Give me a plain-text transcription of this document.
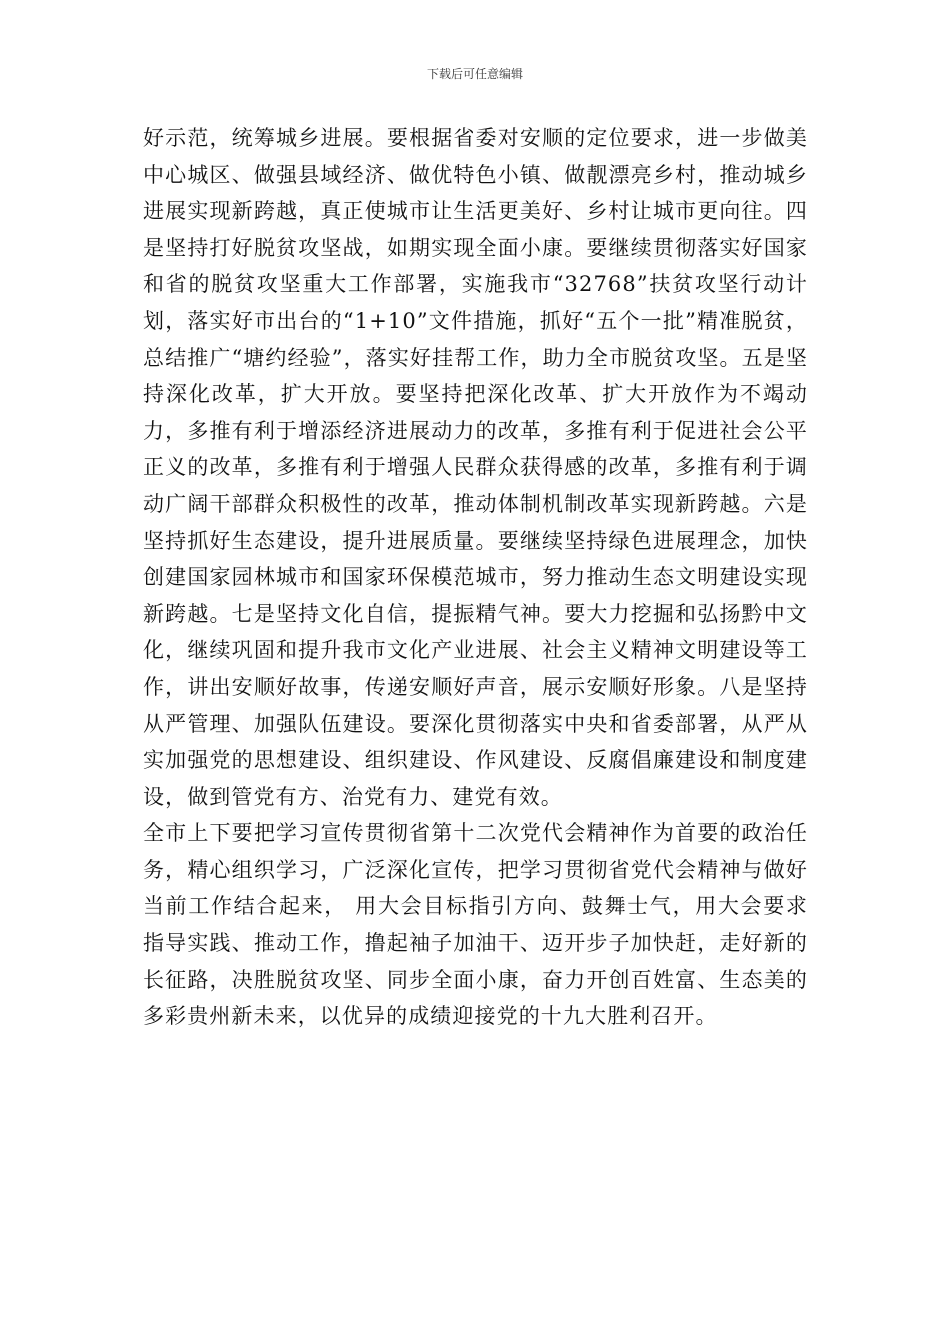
下载后可任意编辑

好示范，统筹城乡进展。要根据省委对安顺的定位要求，进一步做美中心城区、做强县域经济、做优特色小镇、做靓漂亮乡村，推动城乡进展实现新跨越，真正使城市让生活更美好、乡村让城市更向往。四是坚持打好脱贫攻坚战，如期实现全面小康。要继续贯彻落实好国家和省的脱贫攻坚重大工作部署，实施我市“32768”扶贫攻坚行动计划，落实好市出台的“1+10”文件措施，抓好“五个一批”精准脱贫，总结推广“塘约经验”，落实好挂帮工作，助力全市脱贫攻坚。五是坚持深化改革，扩大开放。要坚持把深化改革、扩大开放作为不竭动力，多推有利于增添经济进展动力的改革，多推有利于促进社会公平正义的改革，多推有利于增强人民群众获得感的改革，多推有利于调动广阔干部群众积极性的改革，推动体制机制改革实现新跨越。六是坚持抓好生态建设，提升进展质量。要继续坚持绿色进展理念，加快创建国家园林城市和国家环保模范城市，努力推动生态文明建设实现新跨越。七是坚持文化自信，提振精气神。要大力挖掘和弘扬黔中文化，继续巩固和提升我市文化产业进展、社会主义精神文明建设等工作，讲出安顺好故事，传递安顺好声音，展示安顺好形象。八是坚持从严管理、加强队伍建设。要深化贯彻落实中央和省委部署，从严从实加强党的思想建设、组织建设、作风建设、反腐倡廉建设和制度建设，做到管党有方、治党有力、建党有效。

全市上下要把学习宣传贯彻省第十二次党代会精神作为首要的政治任务，精心组织学习，广泛深化宣传，把学习贯彻省党代会精神与做好当前工作结合起来， 用大会目标指引方向、鼓舞士气，用大会要求指导实践、推动工作，撸起袖子加油干、迈开步子加快赶，走好新的长征路，决胜脱贫攻坚、同步全面小康，奋力开创百姓富、生态美的多彩贵州新未来，以优异的成绩迎接党的十九大胜利召开。
